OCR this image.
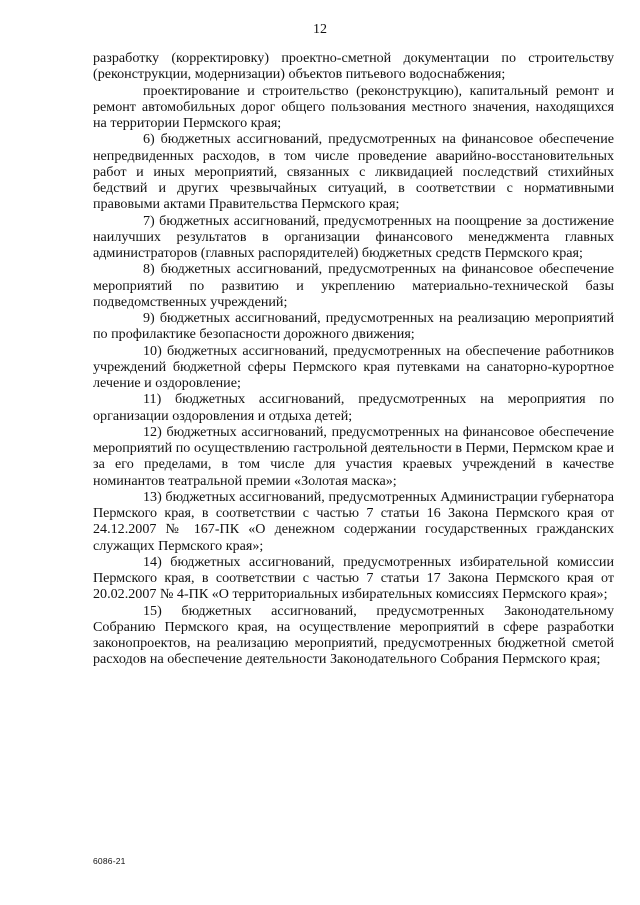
12

разработку (корректировку) проектно-сметной документации по строительству (реконструкции, модернизации) объектов питьевого водоснабжения;

проектирование и строительство (реконструкцию), капитальный ремонт и ремонт автомобильных дорог общего пользования местного значения, находящихся на территории Пермского края;

6) бюджетных ассигнований, предусмотренных на финансовое обеспечение непредвиденных расходов, в том числе проведение аварийно-восстановительных работ и иных мероприятий, связанных с ликвидацией последствий стихийных бедствий и других чрезвычайных ситуаций, в соответствии с нормативными правовыми актами Правительства Пермского края;

7) бюджетных ассигнований, предусмотренных на поощрение за достижение наилучших результатов в организации финансового менеджмента главных администраторов (главных распорядителей) бюджетных средств Пермского края;

8) бюджетных ассигнований, предусмотренных на финансовое обеспечение мероприятий по развитию и укреплению материально-технической базы подведомственных учреждений;

9) бюджетных ассигнований, предусмотренных на реализацию мероприятий по профилактике безопасности дорожного движения;

10) бюджетных ассигнований, предусмотренных на обеспечение работников учреждений бюджетной сферы Пермского края путевками на санаторно-курортное лечение и оздоровление;

11) бюджетных ассигнований, предусмотренных на мероприятия по организации оздоровления и отдыха детей;

12) бюджетных ассигнований, предусмотренных на финансовое обеспечение мероприятий по осуществлению гастрольной деятельности в Перми, Пермском крае и за его пределами, в том числе для участия краевых учреждений в качестве номинантов театральной премии «Золотая маска»;

13) бюджетных ассигнований, предусмотренных Администрации губернатора Пермского края, в соответствии с частью 7 статьи 16 Закона Пермского края от 24.12.2007 № 167-ПК «О денежном содержании государственных гражданских служащих Пермского края»;

14) бюджетных ассигнований, предусмотренных избирательной комиссии Пермского края, в соответствии с частью 7 статьи 17 Закона Пермского края от 20.02.2007 № 4-ПК «О территориальных избирательных комиссиях Пермского края»;

15) бюджетных ассигнований, предусмотренных Законодательному Собранию Пермского края, на осуществление мероприятий в сфере разработки законопроектов, на реализацию мероприятий, предусмотренных бюджетной сметой расходов на обеспечение деятельности Законодательного Собрания Пермского края;

6086-21
